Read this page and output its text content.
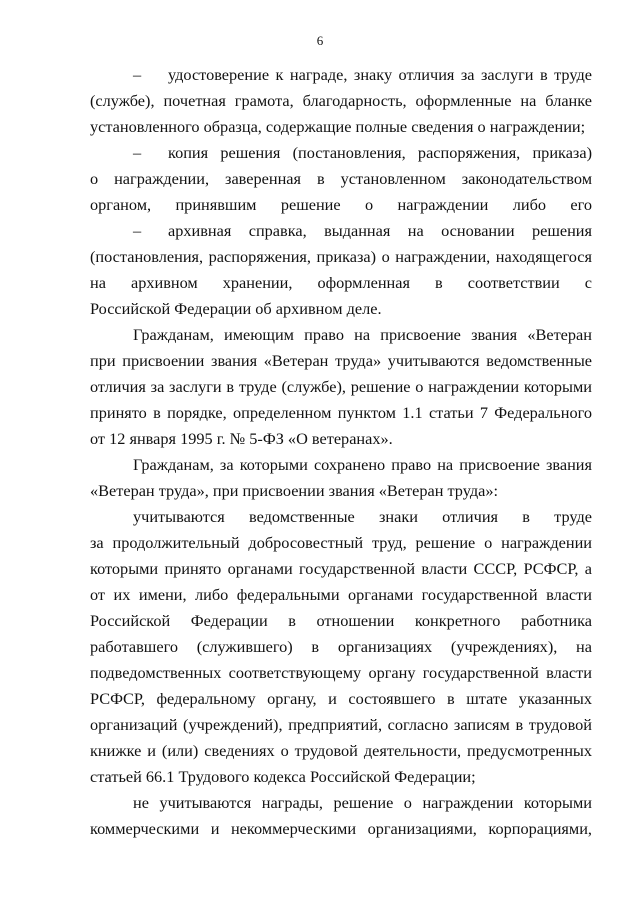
6
– удостоверение к награде, знаку отличия за заслуги в труде
(службе), почетная грамота, благодарность, оформленные на бланке
установленного образца, содержащие полные сведения о награждении;
– копия решения (постановления, распоряжения, приказа)
о награждении, заверенная в установленном законодательством
органом, принявшим решение о награждении либо его
– архивная справка, выданная на основании решения
(постановления, распоряжения, приказа) о награждении, находящегося
на архивном хранении, оформленная в соответствии с
Российской Федерации об архивном деле.
Гражданам, имеющим право на присвоение звания «Ветеран
при присвоении звания «Ветеран труда» учитываются ведомственные
отличия за заслуги в труде (службе), решение о награждении которыми
принято в порядке, определенном пунктом 1.1 статьи 7 Федерального
от 12 января 1995 г. № 5-ФЗ «О ветеранах».
Гражданам, за которыми сохранено право на присвоение звания
«Ветеран труда», при присвоении звания «Ветеран труда»:
учитываются ведомственные знаки отличия в труде
за продолжительный добросовестный труд, решение о награждении
которыми принято органами государственной власти СССР, РСФСР, а
от их имени, либо федеральными органами государственной власти
Российской Федерации в отношении конкретного работника
работавшего (служившего) в организациях (учреждениях), на
подведомственных соответствующему органу государственной власти
РСФСР, федеральному органу, и состоявшего в штате указанных
организаций (учреждений), предприятий, согласно записям в трудовой
книжке и (или) сведениях о трудовой деятельности, предусмотренных
статьей 66.1 Трудового кодекса Российской Федерации;
не учитываются награды, решение о награждении которыми
коммерческими и некоммерческими организациями, корпорациями,
